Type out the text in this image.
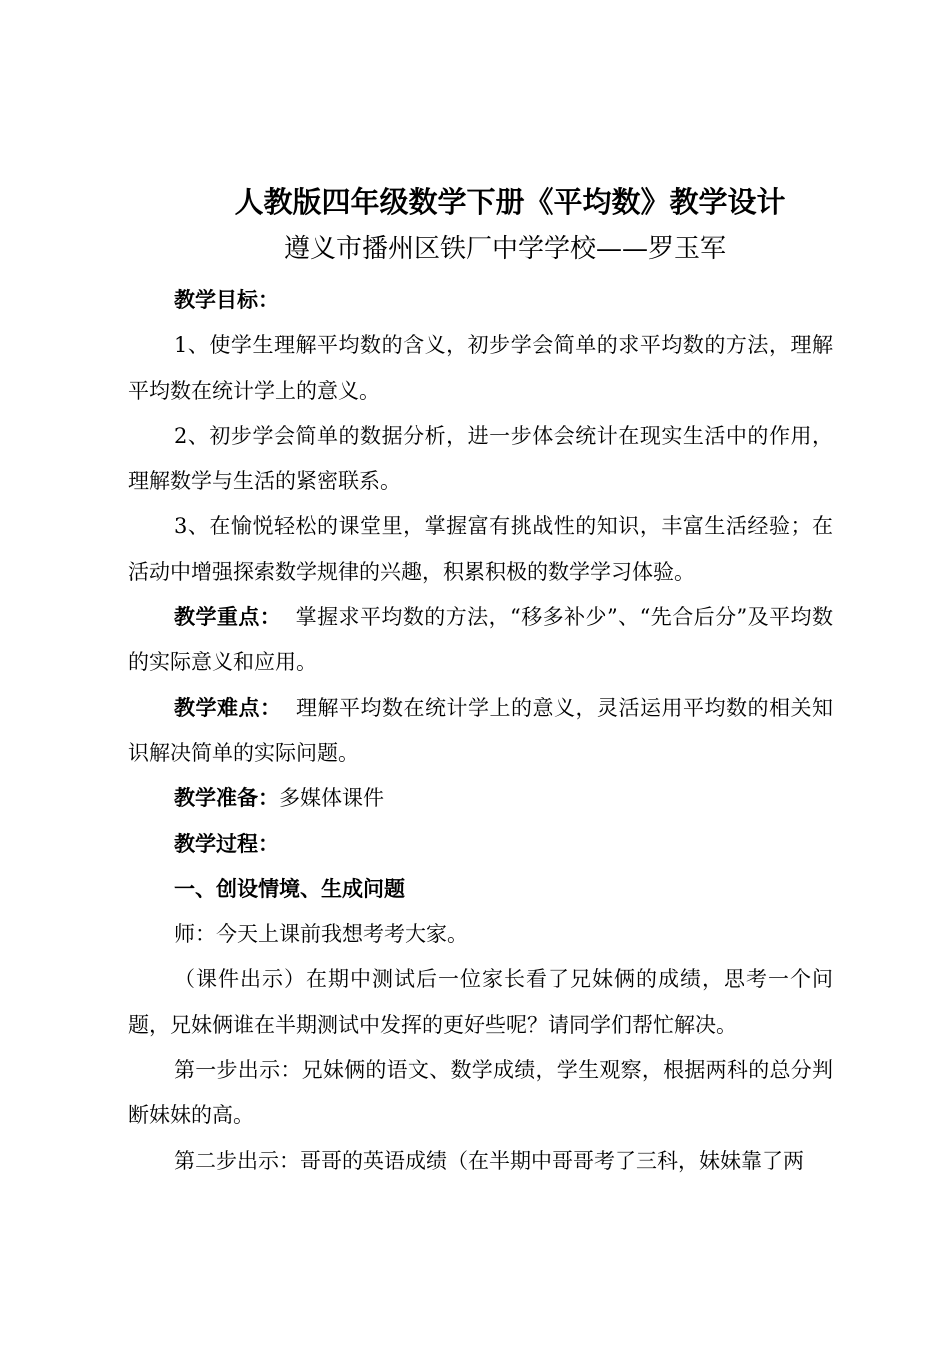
人教版四年级数学下册《平均数》教学设计
遵义市播州区铁厂中学学校——罗玉军

教学目标：

1、使学生理解平均数的含义，初步学会简单的求平均数的方法，理解平均数在统计学上的意义。

2、初步学会简单的数据分析，进一步体会统计在现实生活中的作用，理解数学与生活的紧密联系。

3、在愉悦轻松的课堂里，掌握富有挑战性的知识，丰富生活经验；在活动中增强探索数学规律的兴趣，积累积极的数学学习体验。

教学重点： 掌握求平均数的方法，“移多补少”、“先合后分”及平均数的实际意义和应用。

教学难点： 理解平均数在统计学上的意义，灵活运用平均数的相关知识解决简单的实际问题。

教学准备：多媒体课件

教学过程：

一、创设情境、生成问题

师：今天上课前我想考考大家。

（课件出示）在期中测试后一位家长看了兄妹俩的成绩，思考一个问题，兄妹俩谁在半期测试中发挥的更好些呢？请同学们帮忙解决。

第一步出示：兄妹俩的语文、数学成绩，学生观察，根据两科的总分判断妹妹的高。

第二步出示：哥哥的英语成绩（在半期中哥哥考了三科，妹妹靠了两
